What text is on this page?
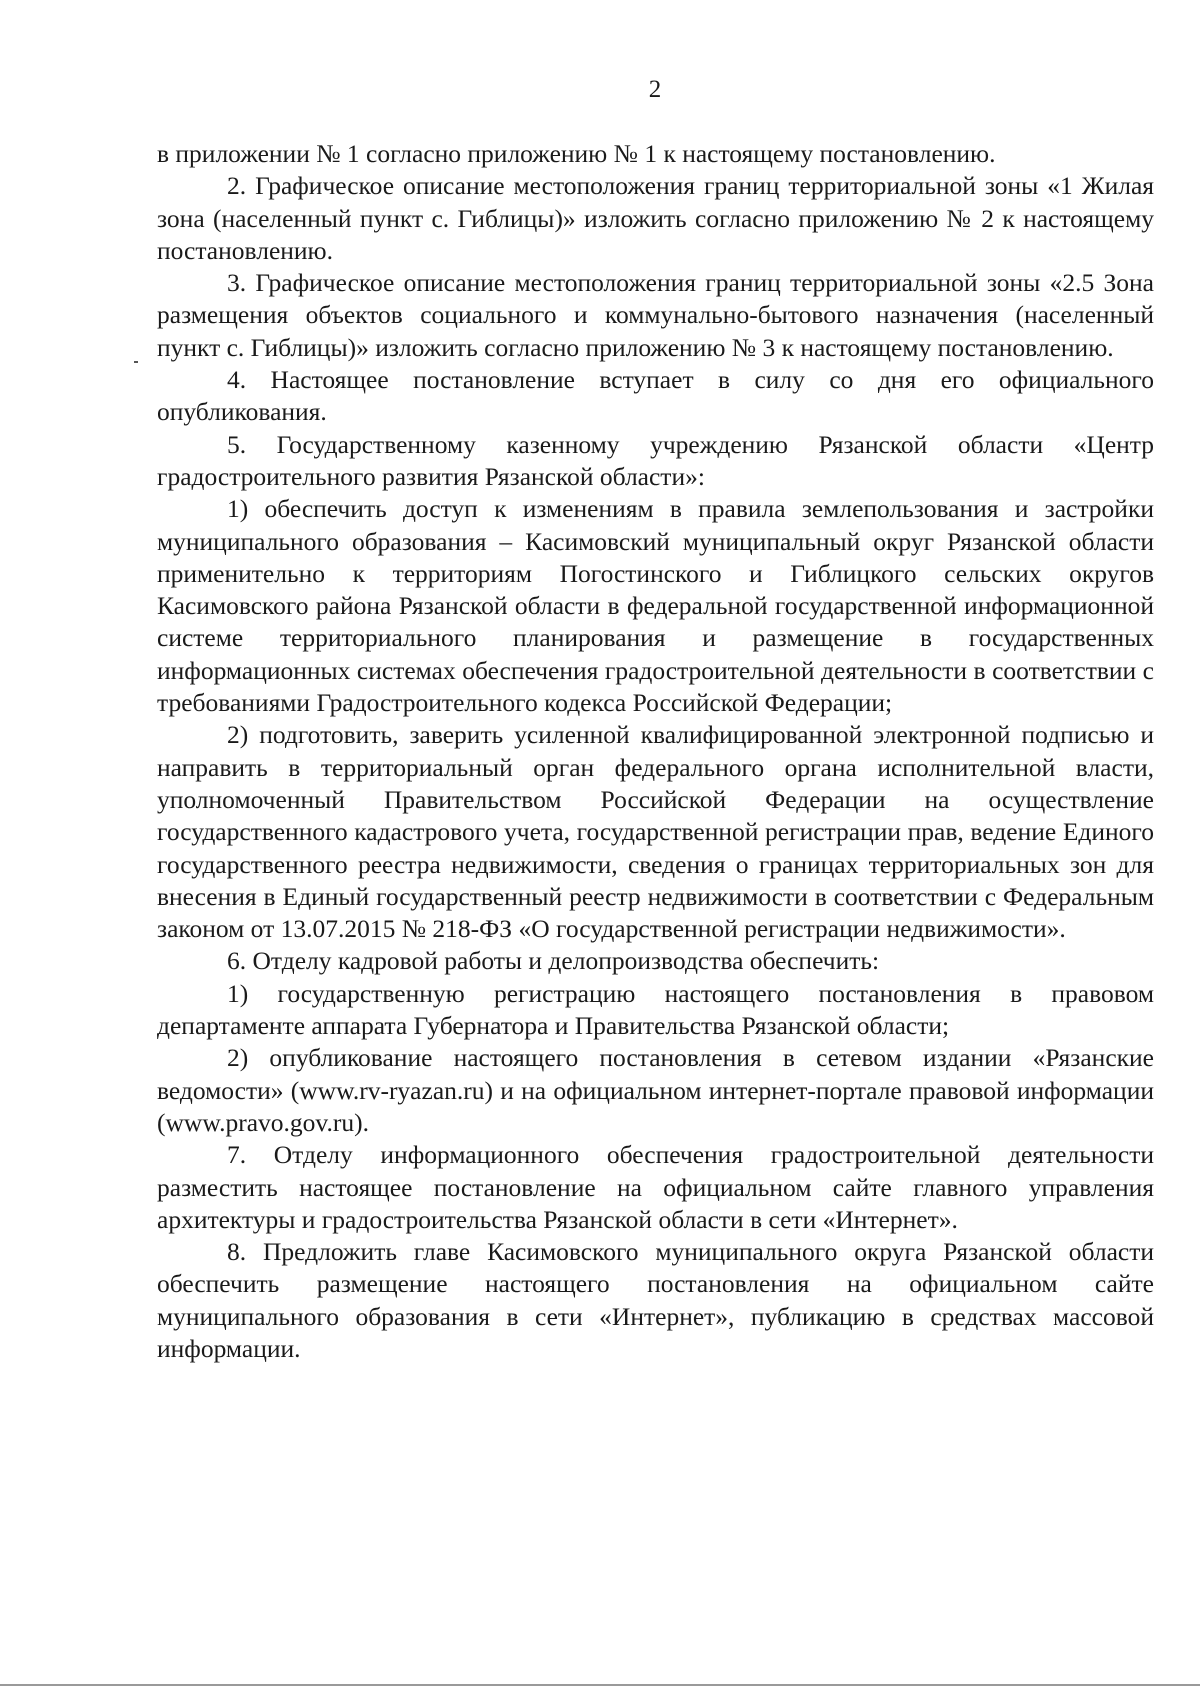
2

в приложении № 1 согласно приложению № 1 к настоящему постановлению.

2. Графическое описание местоположения границ территориальной зоны «1 Жилая зона (населенный пункт с. Гиблицы)» изложить согласно приложению № 2 к настоящему постановлению.

3. Графическое описание местоположения границ территориальной зоны «2.5 Зона размещения объектов социального и коммунально-бытового назначения (населенный пункт с. Гиблицы)» изложить согласно приложению № 3 к настоящему постановлению.

4. Настоящее постановление вступает в силу со дня его официального опубликования.

5. Государственному казенному учреждению Рязанской области «Центр градостроительного развития Рязанской области»:

1) обеспечить доступ к изменениям в правила землепользования и застройки муниципального образования – Касимовский муниципальный округ Рязанской области применительно к территориям Погостинского и Гиблицкого сельских округов Касимовского района Рязанской области в федеральной государственной информационной системе территориального планирования и размещение в государственных информационных системах обеспечения градостроительной деятельности в соответствии с требованиями Градостроительного кодекса Российской Федерации;

2) подготовить, заверить усиленной квалифицированной электронной подписью и направить в территориальный орган федерального органа исполнительной власти, уполномоченный Правительством Российской Федерации на осуществление государственного кадастрового учета, государственной регистрации прав, ведение Единого государственного реестра недвижимости, сведения о границах территориальных зон для внесения в Единый государственный реестр недвижимости в соответствии с Федеральным законом от 13.07.2015 № 218-ФЗ «О государственной регистрации недвижимости».

6. Отделу кадровой работы и делопроизводства обеспечить:

1) государственную регистрацию настоящего постановления в правовом департаменте аппарата Губернатора и Правительства Рязанской области;

2) опубликование настоящего постановления в сетевом издании «Рязанские ведомости» (www.rv-ryazan.ru) и на официальном интернет-портале правовой информации (www.pravo.gov.ru).

7. Отделу информационного обеспечения градостроительной деятельности разместить настоящее постановление на официальном сайте главного управления архитектуры и градостроительства Рязанской области в сети «Интернет».

8. Предложить главе Касимовского муниципального округа Рязанской области обеспечить размещение настоящего постановления на официальном сайте муниципального образования в сети «Интернет», публикацию в средствах массовой информации.
